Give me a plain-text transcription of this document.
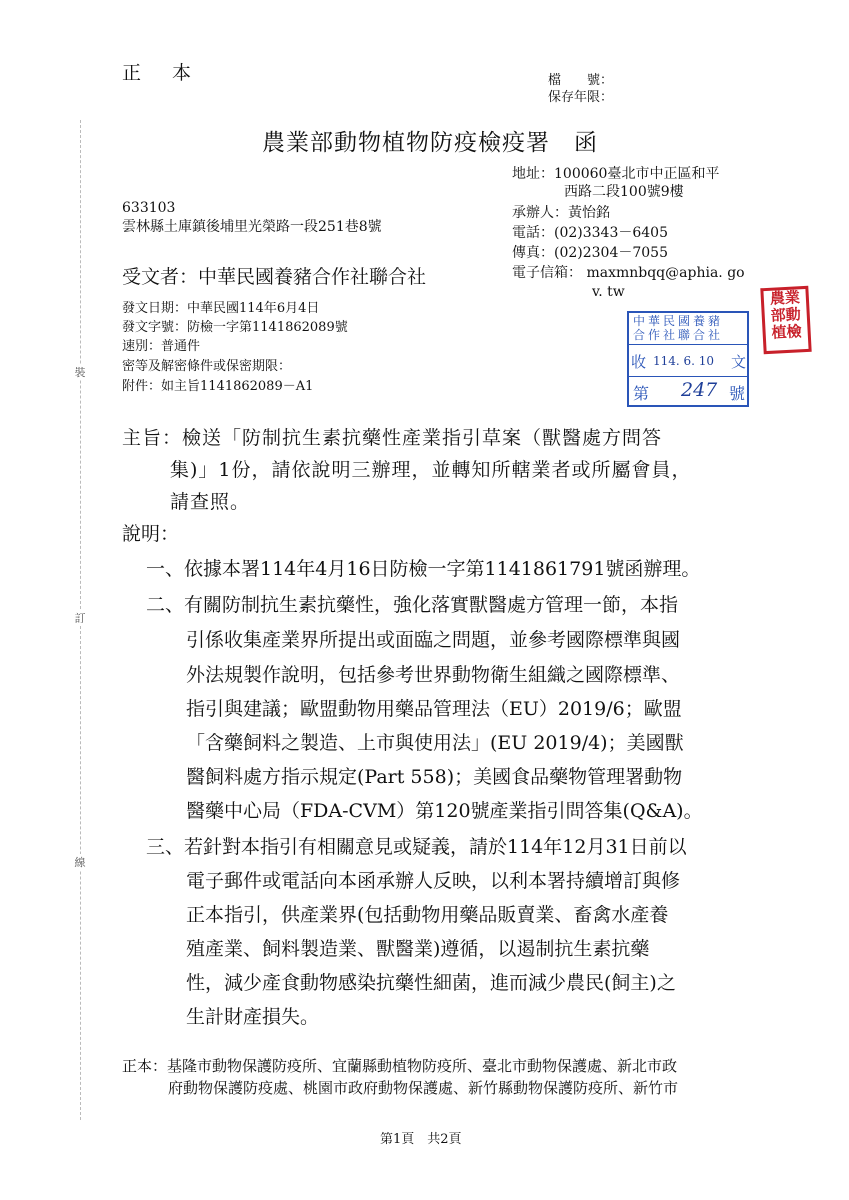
裝
訂
線
正　本	檔　　號：
保存年限：
農業部動物植物防疫檢疫署　函
地址：100060臺北市中正區和平
西路二段100號9樓
承辦人：黃怡銘
電話：(02)3343－6405
傳真：(02)2304－7055
電子信箱： maxmnbqq@aphia. go
v. tw
633103
雲林縣土庫鎮後埔里光榮路一段251巷8號
受文者：中華民國養豬合作社聯合社
發文日期：中華民國114年6月4日
發文字號：防檢一字第1141862089號
速別：普通件
密等及解密條件或保密期限：
附件：如主旨1141862089－A1
中華民國養豬
合作社聯合社
收 114. 6. 10 文
第 247 號
農業
部動
植檢
主旨：檢送「防制抗生素抗藥性產業指引草案（獸醫處方問答
集)」1份，請依說明三辦理，並轉知所轄業者或所屬會員，
請查照。
說明：
一、依據本署114年4月16日防檢一字第1141861791號函辦理。
二、有關防制抗生素抗藥性，強化落實獸醫處方管理一節，本指
引係收集產業界所提出或面臨之問題，並參考國際標準與國
外法規製作說明，包括參考世界動物衛生組織之國際標準、
指引與建議；歐盟動物用藥品管理法（EU）2019/6；歐盟
「含藥飼料之製造、上市與使用法」(EU 2019/4)；美國獸
醫飼料處方指示規定(Part 558)；美國食品藥物管理署動物
醫藥中心局（FDA-CVM）第120號產業指引問答集(Q&A)。
三、若針對本指引有相關意見或疑義，請於114年12月31日前以
電子郵件或電話向本函承辦人反映，以利本署持續增訂與修
正本指引，供產業界(包括動物用藥品販賣業、畜禽水產養
殖產業、飼料製造業、獸醫業)遵循，以遏制抗生素抗藥
性，減少產食動物感染抗藥性細菌，進而減少農民(飼主)之
生計財產損失。
正本：基隆市動物保護防疫所、宜蘭縣動植物防疫所、臺北市動物保護處、新北市政
府動物保護防疫處、桃園市政府動物保護處、新竹縣動物保護防疫所、新竹市
第1頁　共2頁
